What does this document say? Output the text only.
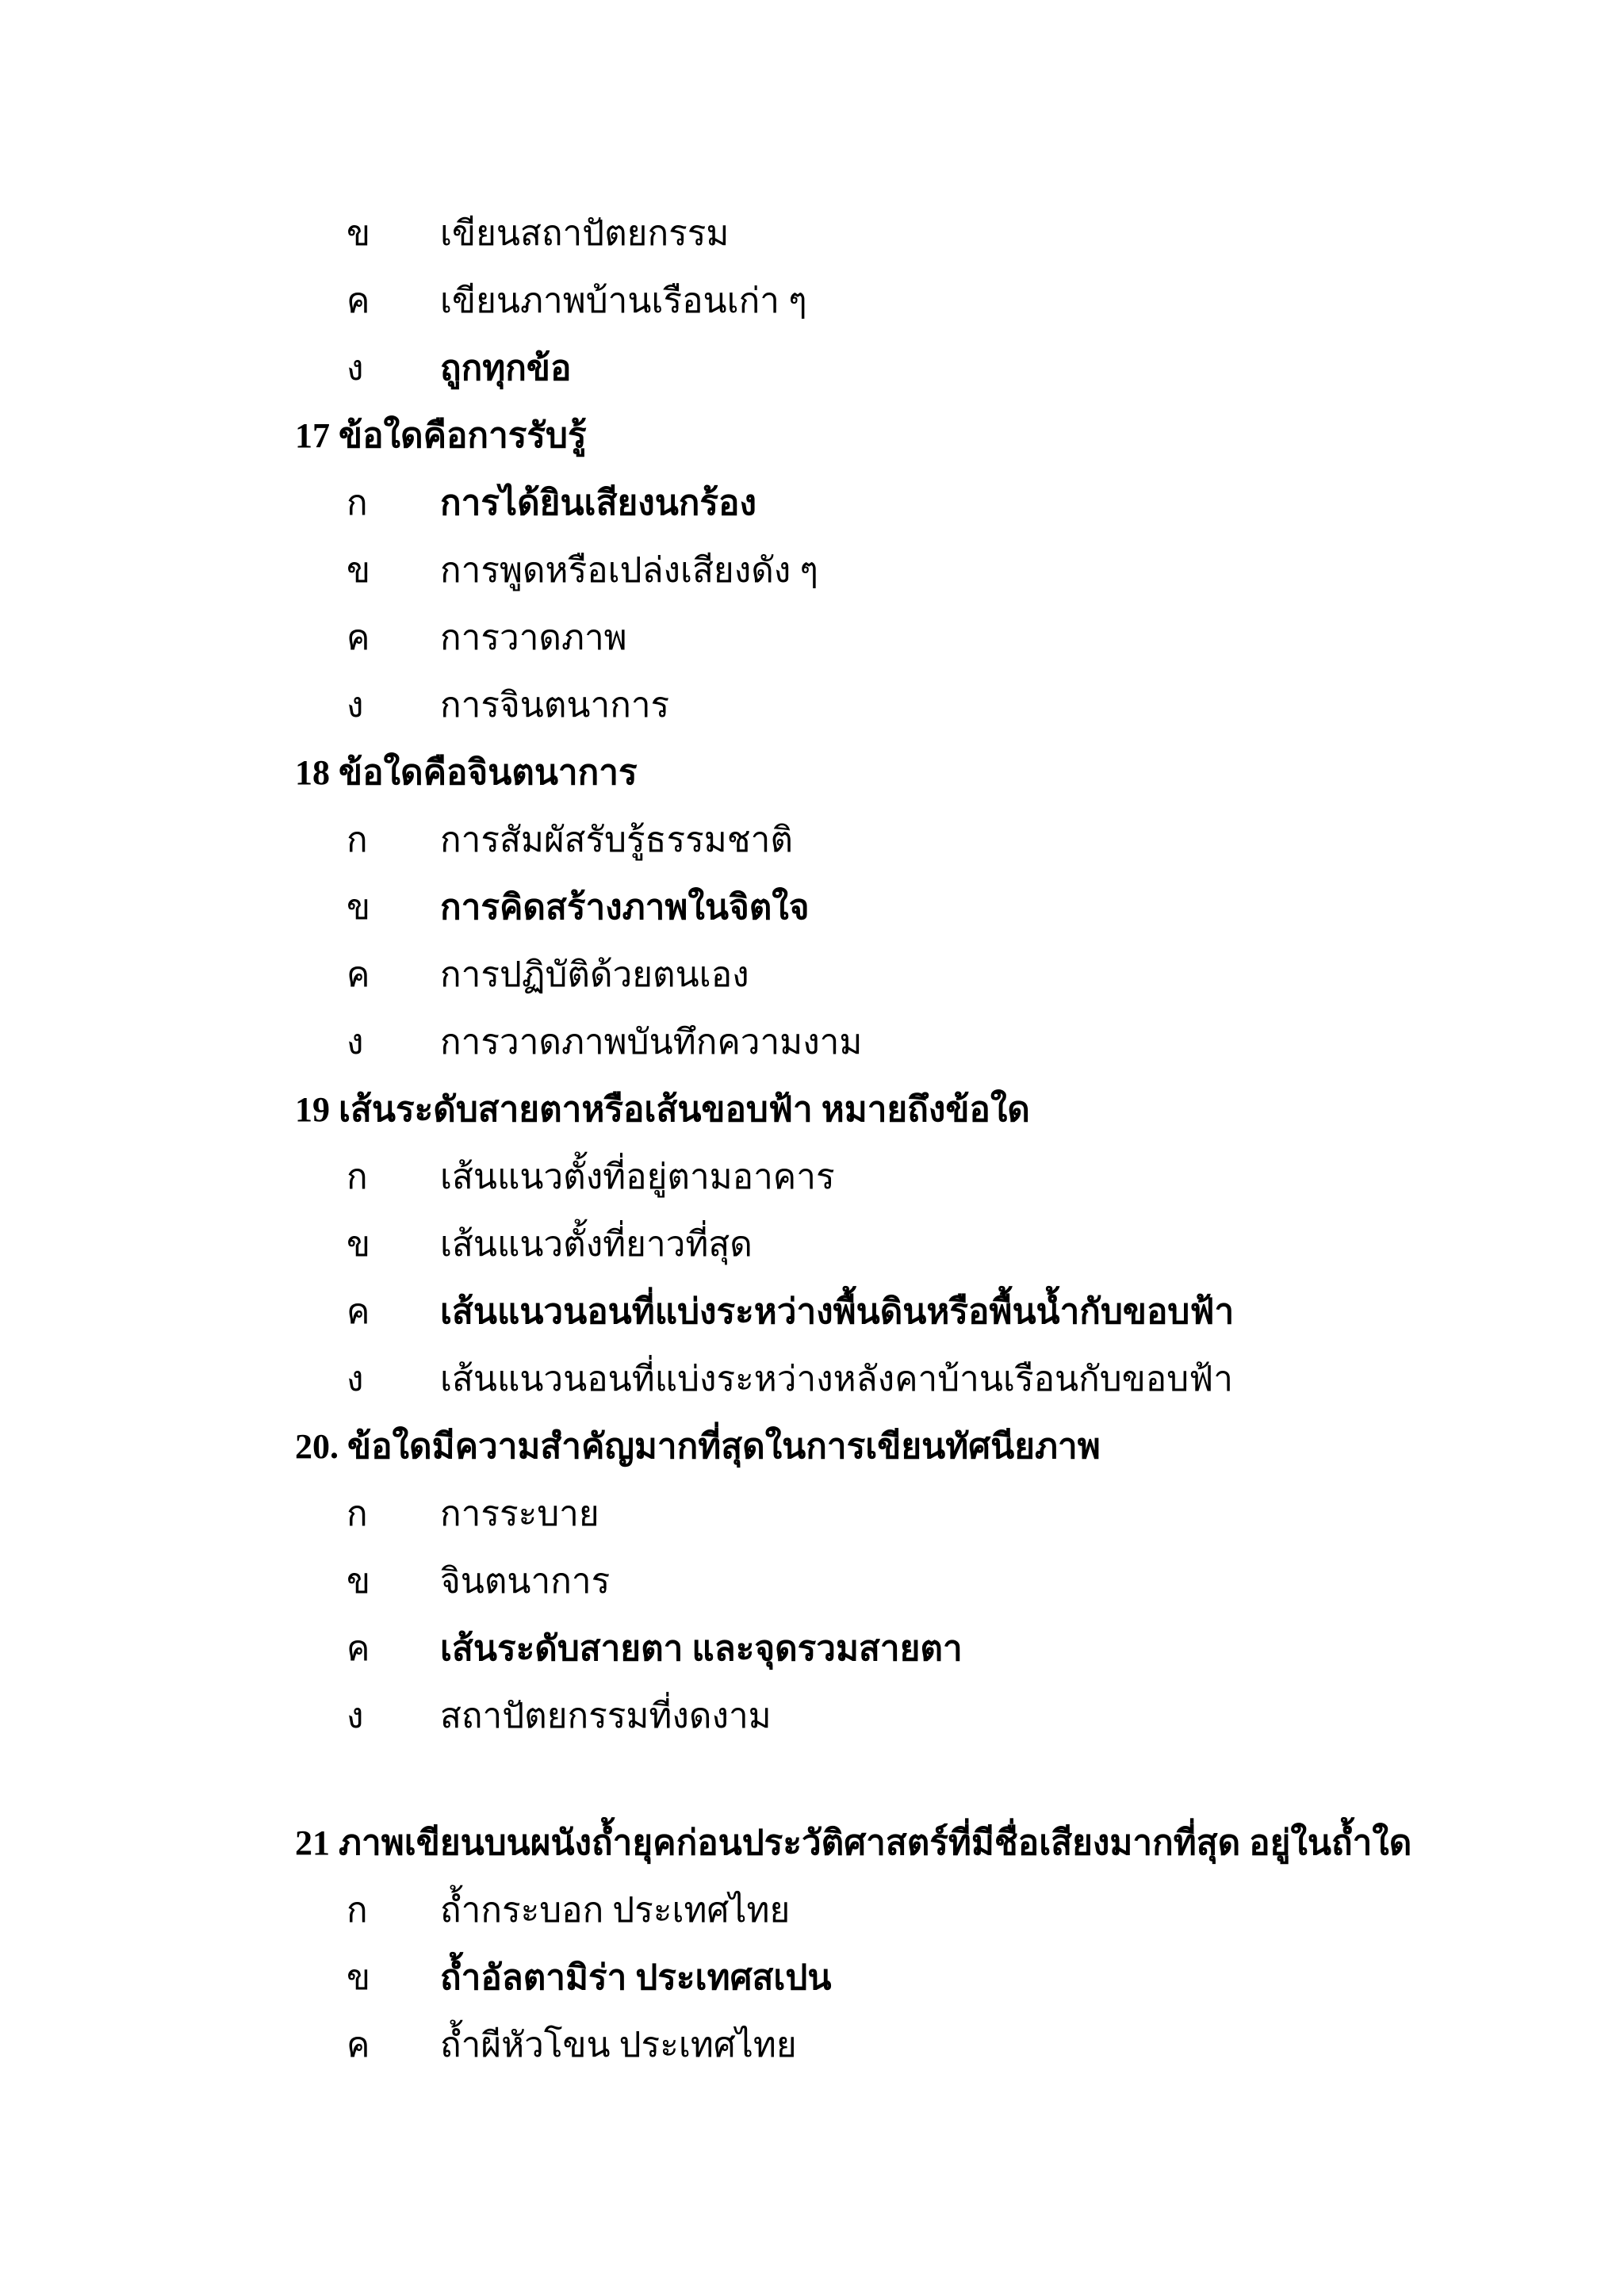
ข	เขียนสถาปัตยกรรม
ค	เขียนภาพบ้านเรือนเก่า ๆ
ง	ถูกทุกข้อ
17 ข้อใดคือการรับรู้
ก	การได้ยินเสียงนกร้อง
ข	การพูดหรือเปล่งเสียงดัง ๆ
ค	การวาดภาพ
ง	การจินตนาการ
18 ข้อใดคือจินตนาการ
ก	การสัมผัสรับรู้ธรรมชาติ
ข	การคิดสร้างภาพในจิตใจ
ค	การปฏิบัติด้วยตนเอง
ง	การวาดภาพบันทึกความงาม
19 เส้นระดับสายตาหรือเส้นขอบฟ้า หมายถึงข้อใด
ก	เส้นแนวตั้งที่อยู่ตามอาคาร
ข	เส้นแนวตั้งที่ยาวที่สุด
ค	เส้นแนวนอนที่แบ่งระหว่างพื้นดินหรือพื้นน้ำกับขอบฟ้า
ง	เส้นแนวนอนที่แบ่งระหว่างหลังคาบ้านเรือนกับขอบฟ้า
20. ข้อใดมีความสำคัญมากที่สุดในการเขียนทัศนียภาพ
ก	การระบาย
ข	จินตนาการ
ค	เส้นระดับสายตา และจุดรวมสายตา
ง	สถาปัตยกรรมที่งดงาม
21 ภาพเขียนบนผนังถ้ำยุคก่อนประวัติศาสตร์ที่มีชื่อเสียงมากที่สุด อยู่ในถ้ำใด
ก	ถ้ำกระบอก ประเทศไทย
ข	ถ้ำอัลตามิร่า ประเทศสเปน
ค	ถ้ำผีหัวโขน ประเทศไทย
